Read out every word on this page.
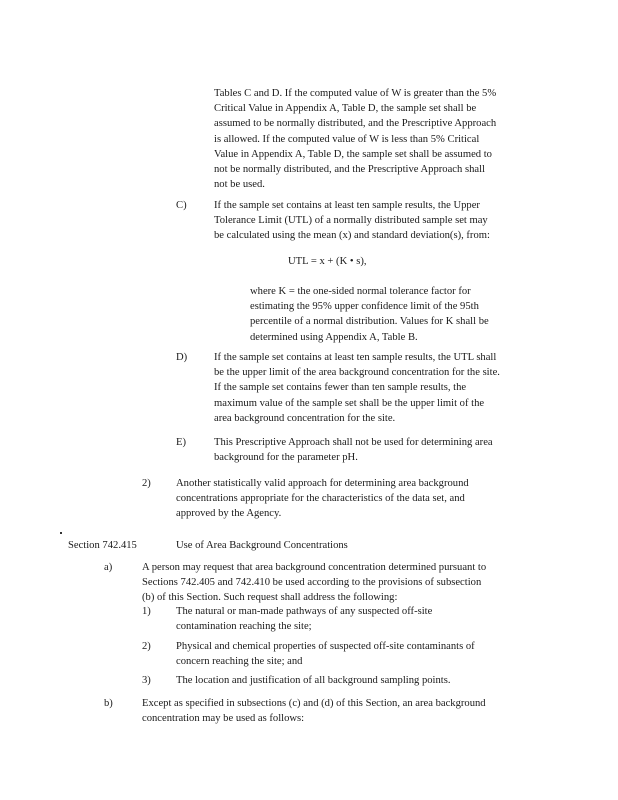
Tables C and D. If the computed value of W is greater than the 5%
Critical Value in Appendix A, Table D, the sample set shall be
assumed to be normally distributed, and the Prescriptive Approach
is allowed. If the computed value of W is less than 5% Critical
Value in Appendix A, Table D, the sample set shall be assumed to
not be normally distributed, and the Prescriptive Approach shall
not be used.

C)	If the sample set contains at least ten sample results, the Upper
Tolerance Limit (UTL) of a normally distributed sample set may
be calculated using the mean (x) and standard deviation(s), from:

UTL = x + (K • s),

where K = the one-sided normal tolerance factor for
estimating the 95% upper confidence limit of the 95th
percentile of a normal distribution. Values for K shall be
determined using Appendix A, Table B.

D)	If the sample set contains at least ten sample results, the UTL shall
be the upper limit of the area background concentration for the site.
If the sample set contains fewer than ten sample results, the
maximum value of the sample set shall be the upper limit of the
area background concentration for the site.

E)	This Prescriptive Approach shall not be used for determining area
background for the parameter pH.

2) Another statistically valid approach for determining area background
concentrations appropriate for the characteristics of the data set, and
approved by the Agency.

Section 742.415	Use of Area Background Concentrations
a)	A person may request that area background concentration determined pursuant to
Sections 742.405 and 742.410 be used according to the provisions of subsection
(b) of this Section. Such request shall address the following:

1) The natural or man-made pathways of any suspected off-site
contamination reaching the site;

2) Physical and chemical properties of suspected off-site contaminants of
concern reaching the site; and

3) The location and justification of all background sampling points.

b)	Except as specified in subsections (c) and (d) of this Section, an area background
concentration may be used as follows:
